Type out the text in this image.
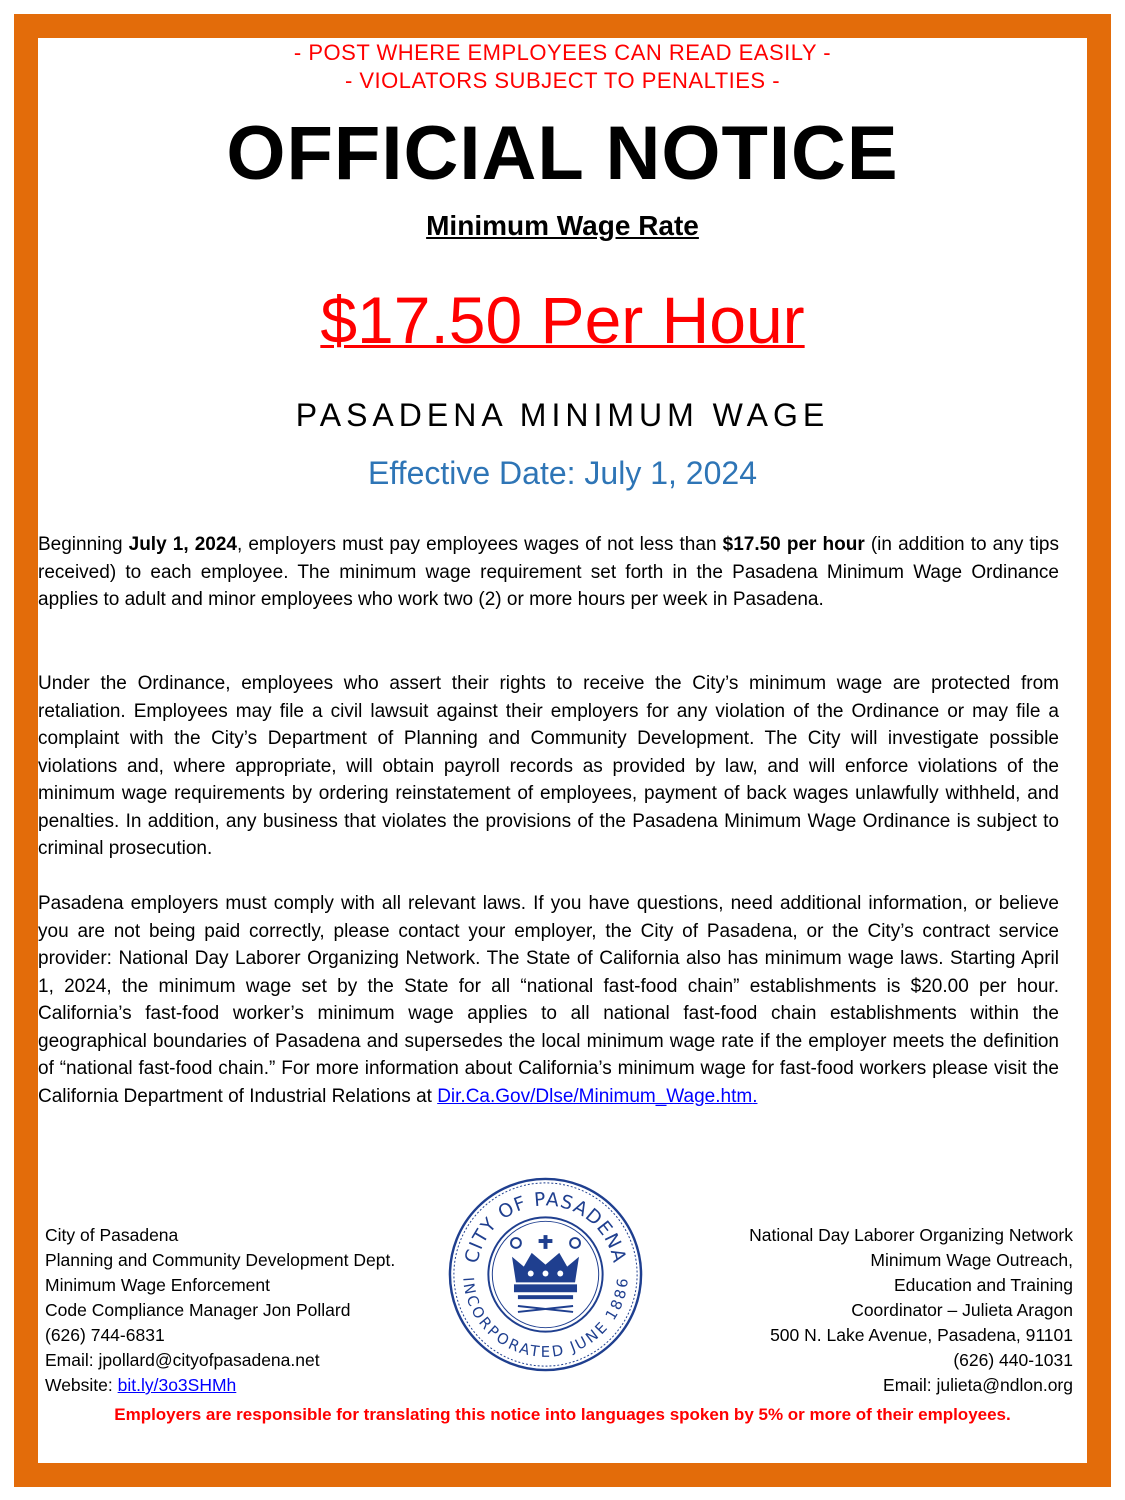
- POST WHERE EMPLOYEES CAN READ EASILY -
- VIOLATORS SUBJECT TO PENALTIES -
OFFICIAL NOTICE
Minimum Wage Rate
$17.50 Per Hour
PASADENA MINIMUM WAGE
Effective Date: July 1, 2024
Beginning July 1, 2024, employers must pay employees wages of not less than $17.50 per hour (in addition to any tips received) to each employee. The minimum wage requirement set forth in the Pasadena Minimum Wage Ordinance applies to adult and minor employees who work two (2) or more hours per week in Pasadena.
Under the Ordinance, employees who assert their rights to receive the City’s minimum wage are protected from retaliation. Employees may file a civil lawsuit against their employers for any violation of the Ordinance or may file a complaint with the City’s Department of Planning and Community Development. The City will investigate possible violations and, where appropriate, will obtain payroll records as provided by law, and will enforce violations of the minimum wage requirements by ordering reinstatement of employees, payment of back wages unlawfully withheld, and penalties. In addition, any business that violates the provisions of the Pasadena Minimum Wage Ordinance is subject to criminal prosecution.
Pasadena employers must comply with all relevant laws. If you have questions, need additional information, or believe you are not being paid correctly, please contact your employer, the City of Pasadena, or the City’s contract service provider: National Day Laborer Organizing Network. The State of California also has minimum wage laws. Starting April 1, 2024, the minimum wage set by the State for all “national fast-food chain” establishments is $20.00 per hour. California’s fast-food worker’s minimum wage applies to all national fast-food chain establishments within the geographical boundaries of Pasadena and supersedes the local minimum wage rate if the employer meets the definition of “national fast-food chain.” For more information about California’s minimum wage for fast-food workers please visit the California Department of Industrial Relations at Dir.Ca.Gov/Dlse/Minimum_Wage.htm.
City of Pasadena
Planning and Community Development Dept.
Minimum Wage Enforcement
Code Compliance Manager Jon Pollard
(626) 744-6831
Email: jpollard@cityofpasadena.net
Website: bit.ly/3o3SHMh
CITY OF PASADENA
INCORPORATED JUNE 1886
National Day Laborer Organizing Network
Minimum Wage Outreach,
Education and Training
Coordinator – Julieta Aragon
500 N. Lake Avenue, Pasadena, 91101
(626) 440-1031
Email: julieta@ndlon.org
Employers are responsible for translating this notice into languages spoken by 5% or more of their employees.
